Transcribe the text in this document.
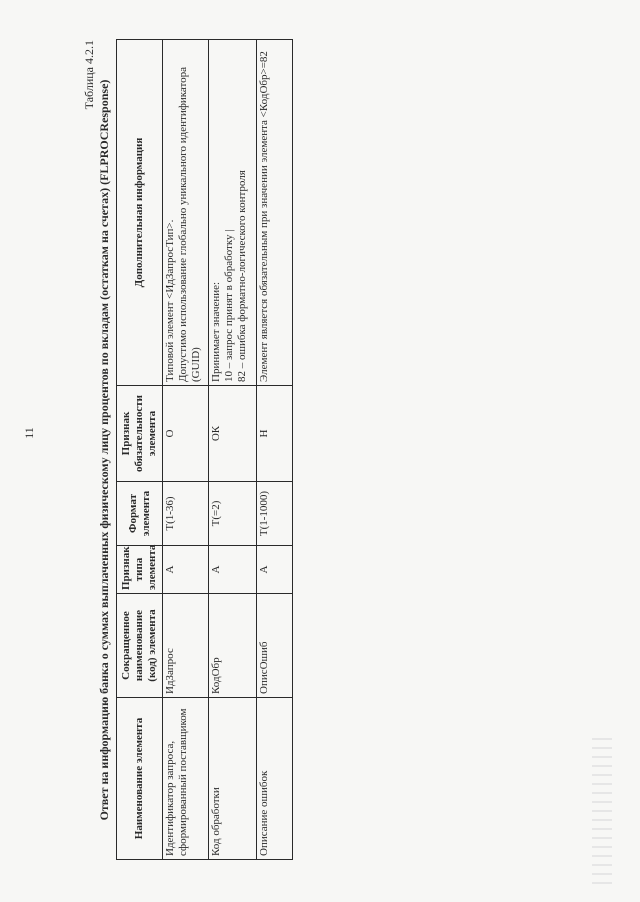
11
Таблица 4.2.1
Ответ на информацию банка о суммах выплаченных физическому лицу процентов по вкладам (остаткам на счетах) (FLPROCResponse) Наименование элемента	Сокращенное наименование (код) элемента	Признак типа элемента	Формат элемента	Признак обязательности элемента	Дополнительная информация
Идентификатор запроса, сформированный поставщиком	ИдЗапрос	А	T(1-36)	О	Типовой элемент <ИдЗапросТип>. Допустимо использование глобально уникального идентификатора (GUID)

Код обработки	КодОбр	А	T(=2)	ОК	Принимает значение: 10 – запрос принят в обработку | 82 – ошибка форматно-логического контроля

Описание ошибок	ОписОшиб	А	T(1-1000)	Н	Элемент является обязательным при значении элемента <КодОбр>=82
